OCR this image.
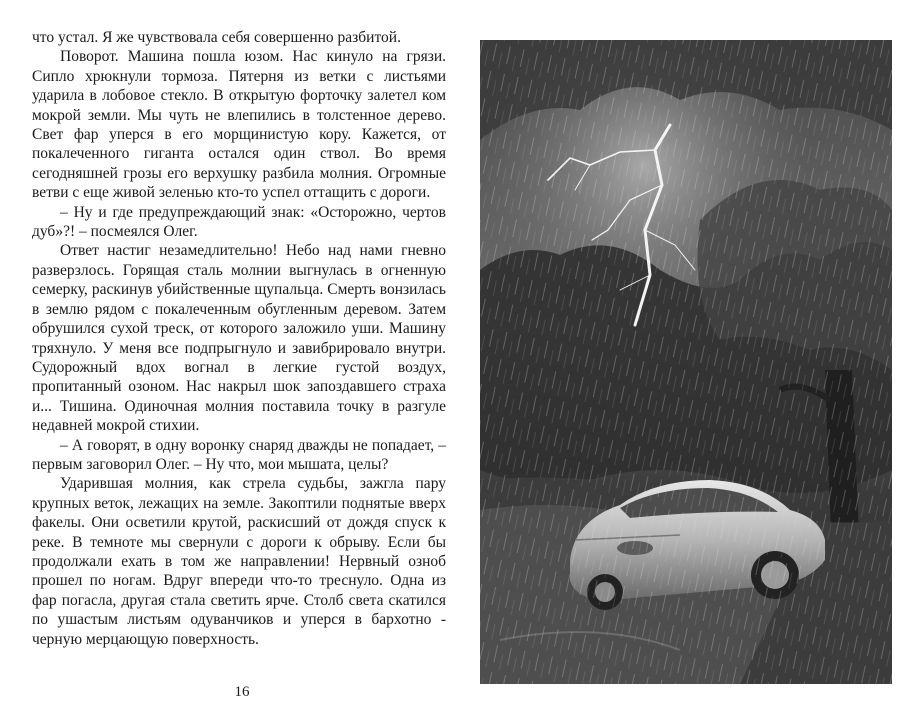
что устал. Я же чувствовала себя совершенно разбитой.

Поворот. Машина пошла юзом. Нас кинуло на грязи. Сипло хрюкнули тормоза. Пятерня из ветки с листьями ударила в лобовое стекло. В открытую форточку залетел ком мокрой земли. Мы чуть не влепились в толстенное дерево. Свет фар уперся в его морщинистую кору. Кажется, от покалеченного гиганта остался один ствол. Во время сегодняшней грозы его верхушку разбила молния. Огромные ветви с еще живой зеленью кто-то успел оттащить с дороги.

– Ну и где предупреждающий знак: «Осторожно, чертов дуб»?! – посмеялся Олег.

Ответ настиг незамедлительно! Небо над нами гневно разверзлось. Горящая сталь молнии выгнулась в огненную семерку, раскинув убийственные щупальца. Смерть вонзилась в землю рядом с покалеченным обугленным деревом. Затем обрушился сухой треск, от которого заложило уши. Машину тряхнуло. У меня все подпрыгнуло и завибрировало внутри. Судорожный вдох вогнал в легкие густой воздух, пропитанный озоном. Нас накрыл шок запоздавшего страха и... Тишина. Одиночная молния поставила точку в разгуле недавней мокрой стихии.

– А говорят, в одну воронку снаряд дважды не попадает, – первым заговорил Олег. – Ну что, мои мышата, целы?

Ударившая молния, как стрела судьбы, зажгла пару крупных веток, лежащих на земле. Закоптили поднятые вверх факелы. Они осветили крутой, раскисший от дождя спуск к реке. В темноте мы свернули с дороги к обрыву. Если бы продолжали ехать в том же направлении! Нервный озноб прошел по ногам. Вдруг впереди что-то треснуло. Одна из фар погасла, другая стала светить ярче. Столб света скатился по ушастым листьям одуванчиков и уперся в бархотно - черную мерцающую поверхность.

16
